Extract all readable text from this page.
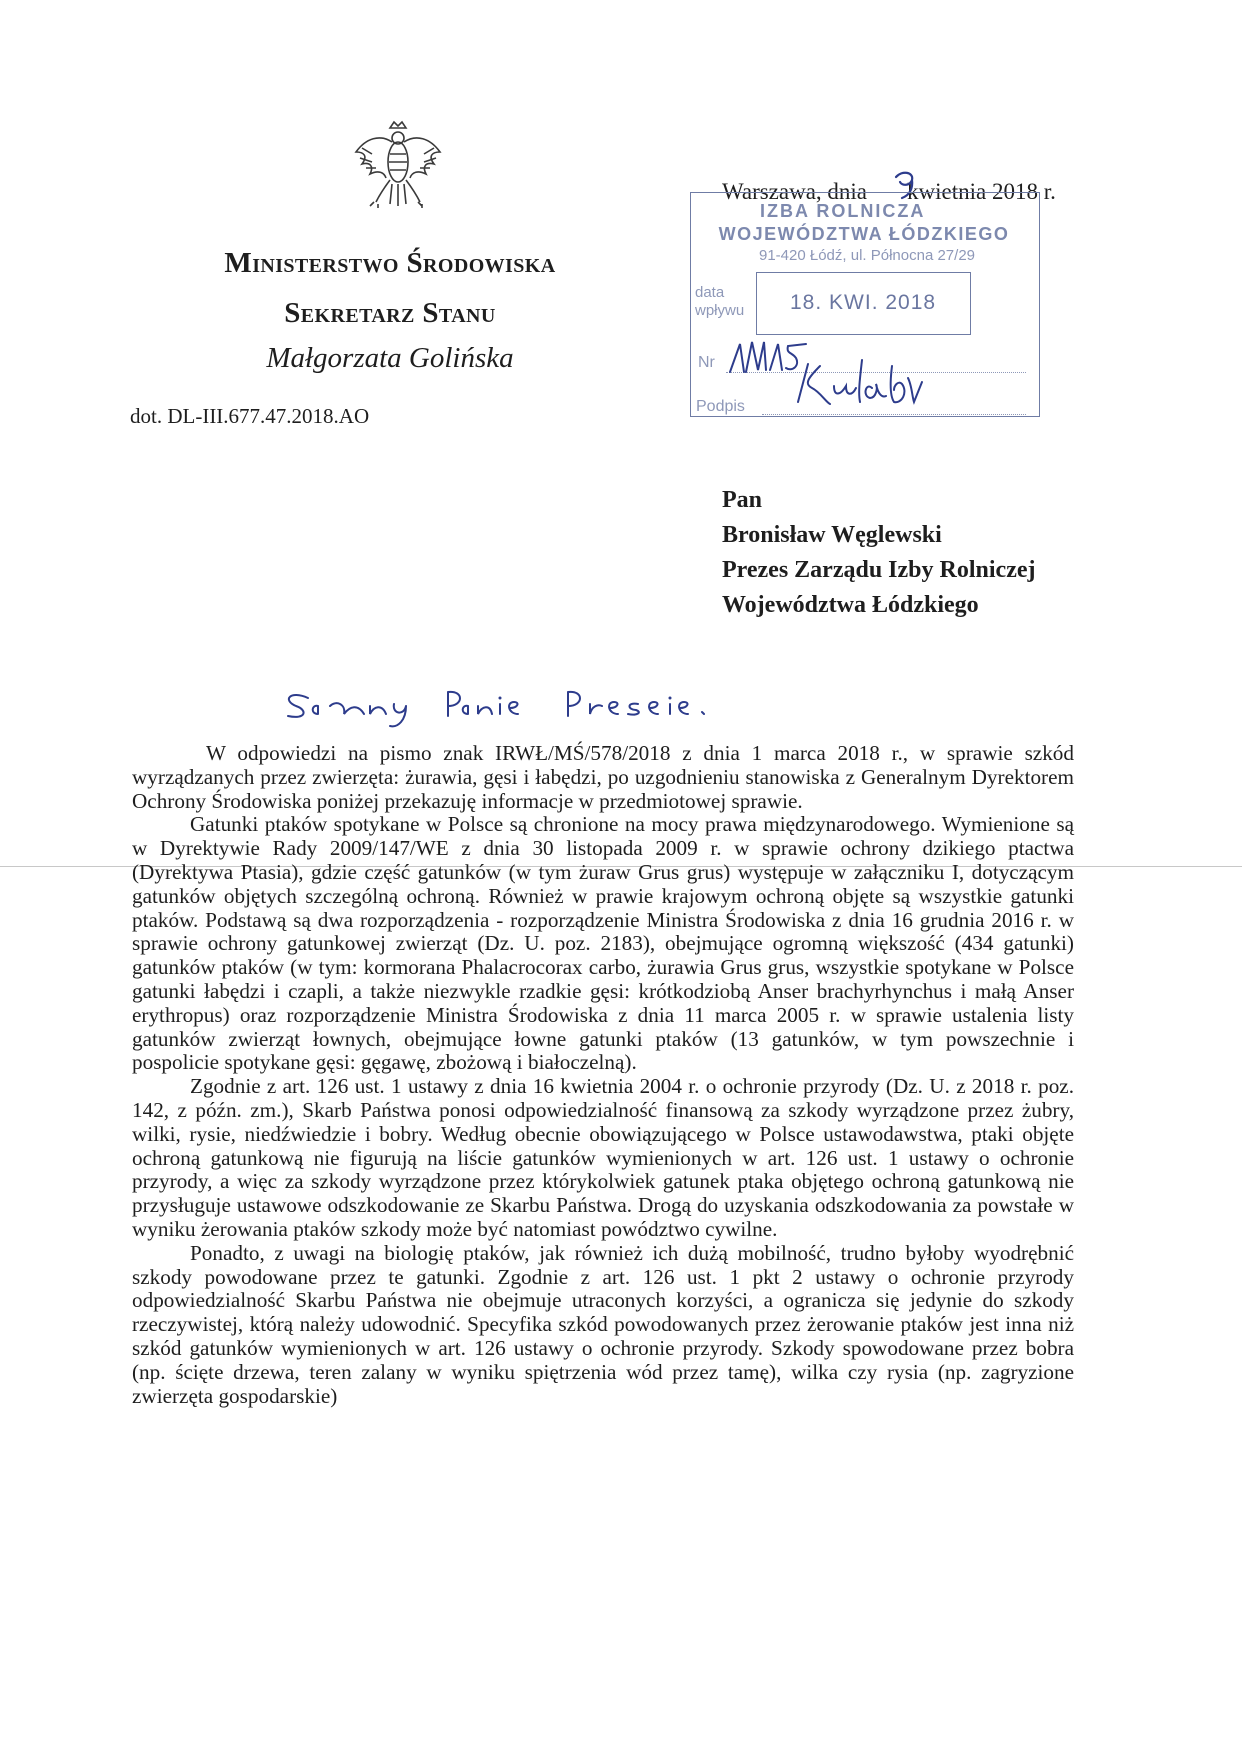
Ministerstwo Środowiska
Sekretarz Stanu
Małgorzata Golińska
dot. DL-III.677.47.2018.AO
Warszawa, dnia kwietnia 2018 r.
IZBA ROLNICZA
WOJEWÓDZTWA ŁÓDZKIEGO
91-420 Łódź, ul. Północna 27/29
data
wpływu 18. KWI. 2018
Nr
Podpis
Pan
Bronisław Węglewski
Prezes Zarządu Izby Rolniczej
Województwa Łódzkiego

W odpowiedzi na pismo znak IRWŁ/MŚ/578/2018 z dnia 1 marca 2018 r., w sprawie szkód wyrządzanych przez zwierzęta: żurawia, gęsi i łabędzi, po uzgodnieniu stanowiska z Generalnym Dyrektorem Ochrony Środowiska poniżej przekazuję informacje w przedmiotowej sprawie.

Gatunki ptaków spotykane w Polsce są chronione na mocy prawa międzynarodowego. Wymienione są w Dyrektywie Rady 2009/147/WE z dnia 30 listopada 2009 r. w sprawie ochrony dzikiego ptactwa (Dyrektywa Ptasia), gdzie część gatunków (w tym żuraw Grus grus) występuje w załączniku I, dotyczącym gatunków objętych szczególną ochroną. Również w prawie krajowym ochroną objęte są wszystkie gatunki ptaków. Podstawą są dwa rozporządzenia - rozporządzenie Ministra Środowiska z dnia 16 grudnia 2016 r. w sprawie ochrony gatunkowej zwierząt (Dz. U. poz. 2183), obejmujące ogromną większość (434 gatunki) gatunków ptaków (w tym: kormorana Phalacrocorax carbo, żurawia Grus grus, wszystkie spotykane w Polsce gatunki łabędzi i czapli, a także niezwykle rzadkie gęsi: krótkodziobą Anser brachyrhynchus i małą Anser erythropus) oraz rozporządzenie Ministra Środowiska z dnia 11 marca 2005 r. w sprawie ustalenia listy gatunków zwierząt łownych, obejmujące łowne gatunki ptaków (13 gatunków, w tym powszechnie i pospolicie spotykane gęsi: gęgawę, zbożową i białoczelną).

Zgodnie z art. 126 ust. 1 ustawy z dnia 16 kwietnia 2004 r. o ochronie przyrody (Dz. U. z 2018 r. poz. 142, z późn. zm.), Skarb Państwa ponosi odpowiedzialność finansową za szkody wyrządzone przez żubry, wilki, rysie, niedźwiedzie i bobry. Według obecnie obowiązującego w Polsce ustawodawstwa, ptaki objęte ochroną gatunkową nie figurują na liście gatunków wymienionych w art. 126 ust. 1 ustawy o ochronie przyrody, a więc za szkody wyrządzone przez którykolwiek gatunek ptaka objętego ochroną gatunkową nie przysługuje ustawowe odszkodowanie ze Skarbu Państwa. Drogą do uzyskania odszkodowania za powstałe w wyniku żerowania ptaków szkody może być natomiast powództwo cywilne.

Ponadto, z uwagi na biologię ptaków, jak również ich dużą mobilność, trudno byłoby wyodrębnić szkody powodowane przez te gatunki. Zgodnie z art. 126 ust. 1 pkt 2 ustawy o ochronie przyrody odpowiedzialność Skarbu Państwa nie obejmuje utraconych korzyści, a ogranicza się jedynie do szkody rzeczywistej, którą należy udowodnić. Specyfika szkód powodowanych przez żerowanie ptaków jest inna niż szkód gatunków wymienionych w art. 126 ustawy o ochronie przyrody. Szkody spowodowane przez bobra (np. ścięte drzewa, teren zalany w wyniku spiętrzenia wód przez tamę), wilka czy rysia (np. zagryzione zwierzęta gospodarskie)
